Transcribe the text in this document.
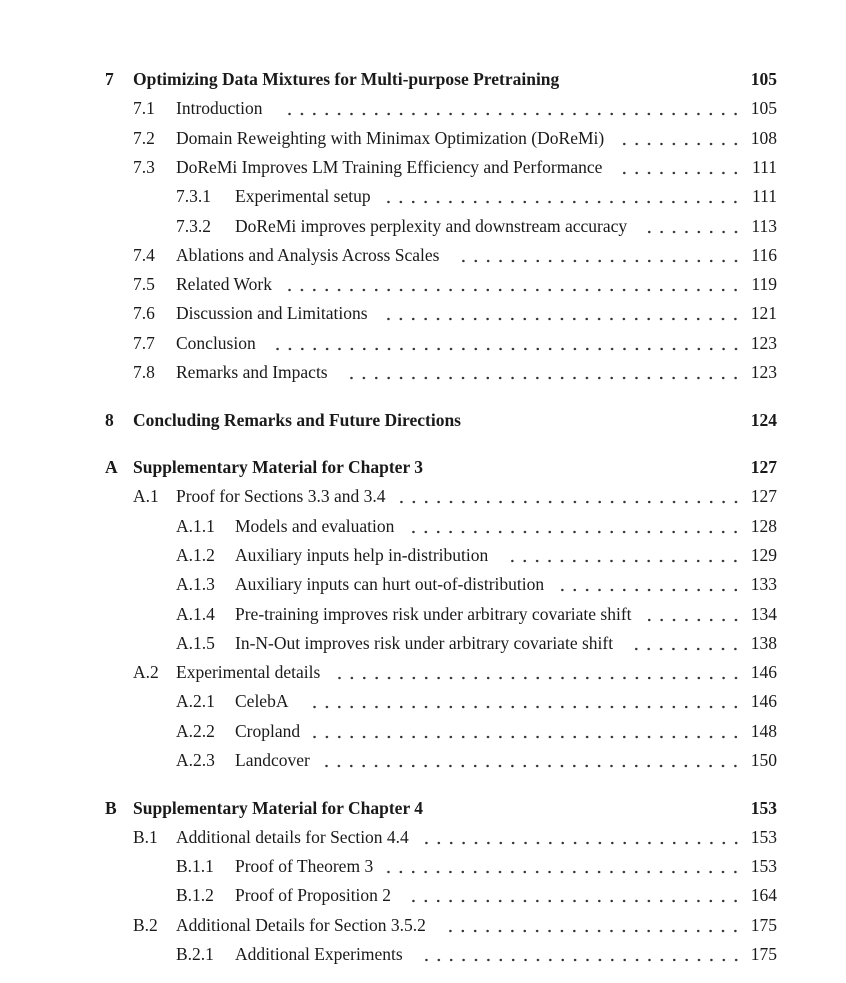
7 Optimizing Data Mixtures for Multi-purpose Pretraining	105
7.1 Introduction	105
7.2 Domain Reweighting with Minimax Optimization (DoReMi)	108
7.3 DoReMi Improves LM Training Efficiency and Performance	111
7.3.1 Experimental setup	111
7.3.2 DoReMi improves perplexity and downstream accuracy	113
7.4 Ablations and Analysis Across Scales	116
7.5 Related Work	119
7.6 Discussion and Limitations	121
7.7 Conclusion	123
7.8 Remarks and Impacts	123
8 Concluding Remarks and Future Directions	124
A Supplementary Material for Chapter 3	127
A.1 Proof for Sections 3.3 and 3.4	127
A.1.1 Models and evaluation	128
A.1.2 Auxiliary inputs help in-distribution	129
A.1.3 Auxiliary inputs can hurt out-of-distribution	133
A.1.4 Pre-training improves risk under arbitrary covariate shift	134
A.1.5 In-N-Out improves risk under arbitrary covariate shift	138
A.2 Experimental details	146
A.2.1 CelebA	146
A.2.2 Cropland	148
A.2.3 Landcover	150
B Supplementary Material for Chapter 4	153
B.1 Additional details for Section 4.4	153
B.1.1 Proof of Theorem 3	153
B.1.2 Proof of Proposition 2	164
B.2 Additional Details for Section 3.5.2	175
B.2.1 Additional Experiments	175
